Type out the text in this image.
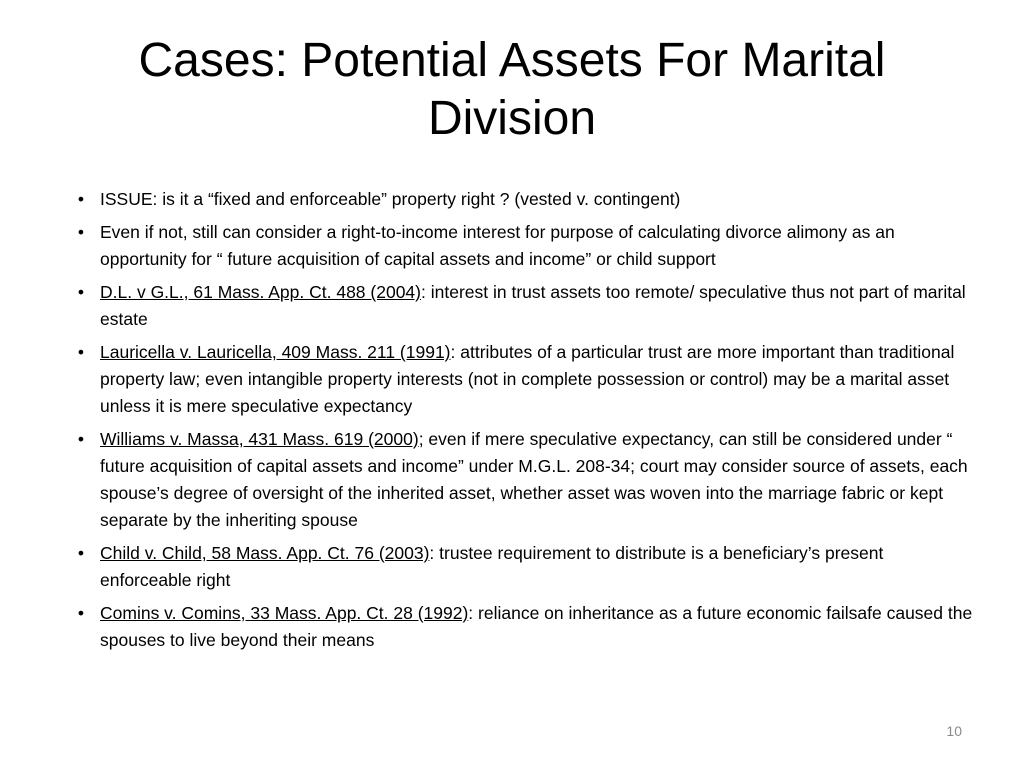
Cases: Potential Assets For Marital Division
• ISSUE: is it a “fixed and enforceable” property right ? (vested v. contingent)
• Even if not, still can consider a right-to-income interest for purpose of calculating divorce alimony as an opportunity for “ future acquisition of capital assets and income” or child support
• D.L. v G.L., 61 Mass. App. Ct. 488 (2004): interest in trust assets too remote/ speculative thus not part of marital estate
• Lauricella v. Lauricella, 409 Mass. 211 (1991): attributes of a particular trust are more important than traditional property law; even intangible property interests (not in complete possession or control) may be a marital asset unless it is mere speculative expectancy
• Williams v. Massa, 431 Mass. 619 (2000); even if mere speculative expectancy, can still be considered under “ future acquisition of capital assets and income” under M.G.L. 208-34; court may consider source of assets, each spouse’s degree of oversight of the inherited asset, whether asset was woven into the marriage fabric or kept separate by the inheriting spouse
• Child v. Child, 58 Mass. App. Ct. 76 (2003): trustee requirement to distribute is a beneficiary’s present enforceable right
• Comins v. Comins, 33 Mass. App. Ct. 28 (1992): reliance on inheritance as a future economic failsafe caused the spouses to live beyond their means
10
